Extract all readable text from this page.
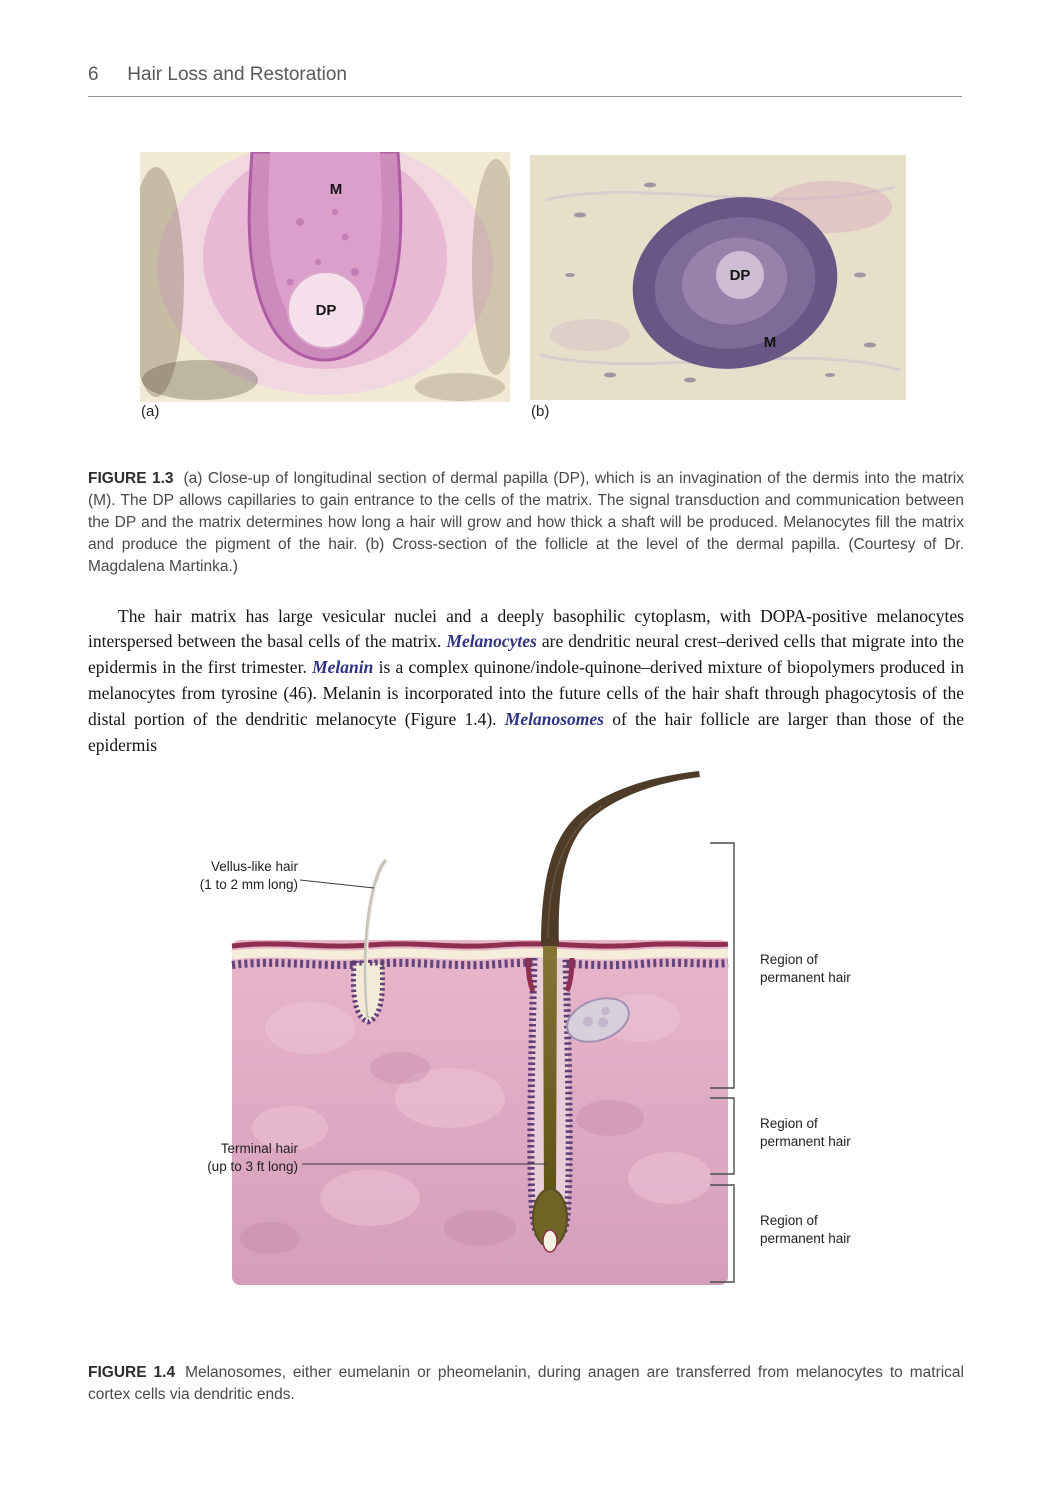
6 Hair Loss and Restoration
M
DP
DP
M
(a)	(b)

FIGURE 1.3 (a) Close-up of longitudinal section of dermal papilla (DP), which is an invagination of the dermis into the matrix (M). The DP allows capillaries to gain entrance to the cells of the matrix. The signal transduction and communication between the DP and the matrix determines how long a hair will grow and how thick a shaft will be produced. Melanocytes fill the matrix and produce the pigment of the hair. (b) Cross-section of the follicle at the level of the dermal papilla. (Courtesy of Dr. Magdalena Martinka.)

The hair matrix has large vesicular nuclei and a deeply basophilic cytoplasm, with DOPA-positive melanocytes interspersed between the basal cells of the matrix. Melanocytes are dendritic neural crest–derived cells that migrate into the epidermis in the first trimester. Melanin is a complex quinone/indole-quinone–derived mixture of biopolymers produced in melanocytes from tyrosine (46). Melanin is incorporated into the future cells of the hair shaft through phagocytosis of the distal portion of the dendritic melanocyte (Figure 1.4). Melanosomes of the hair follicle are larger than those of the epidermis

Vellus-like hair
(1 to 2 mm long)
Terminal hair
(up to 3 ft long)
Region of
permanent hair
Region of
permanent hair
Region of
permanent hair

FIGURE 1.4 Melanosomes, either eumelanin or pheomelanin, during anagen are transferred from melanocytes to matrical cortex cells via dendritic ends.
